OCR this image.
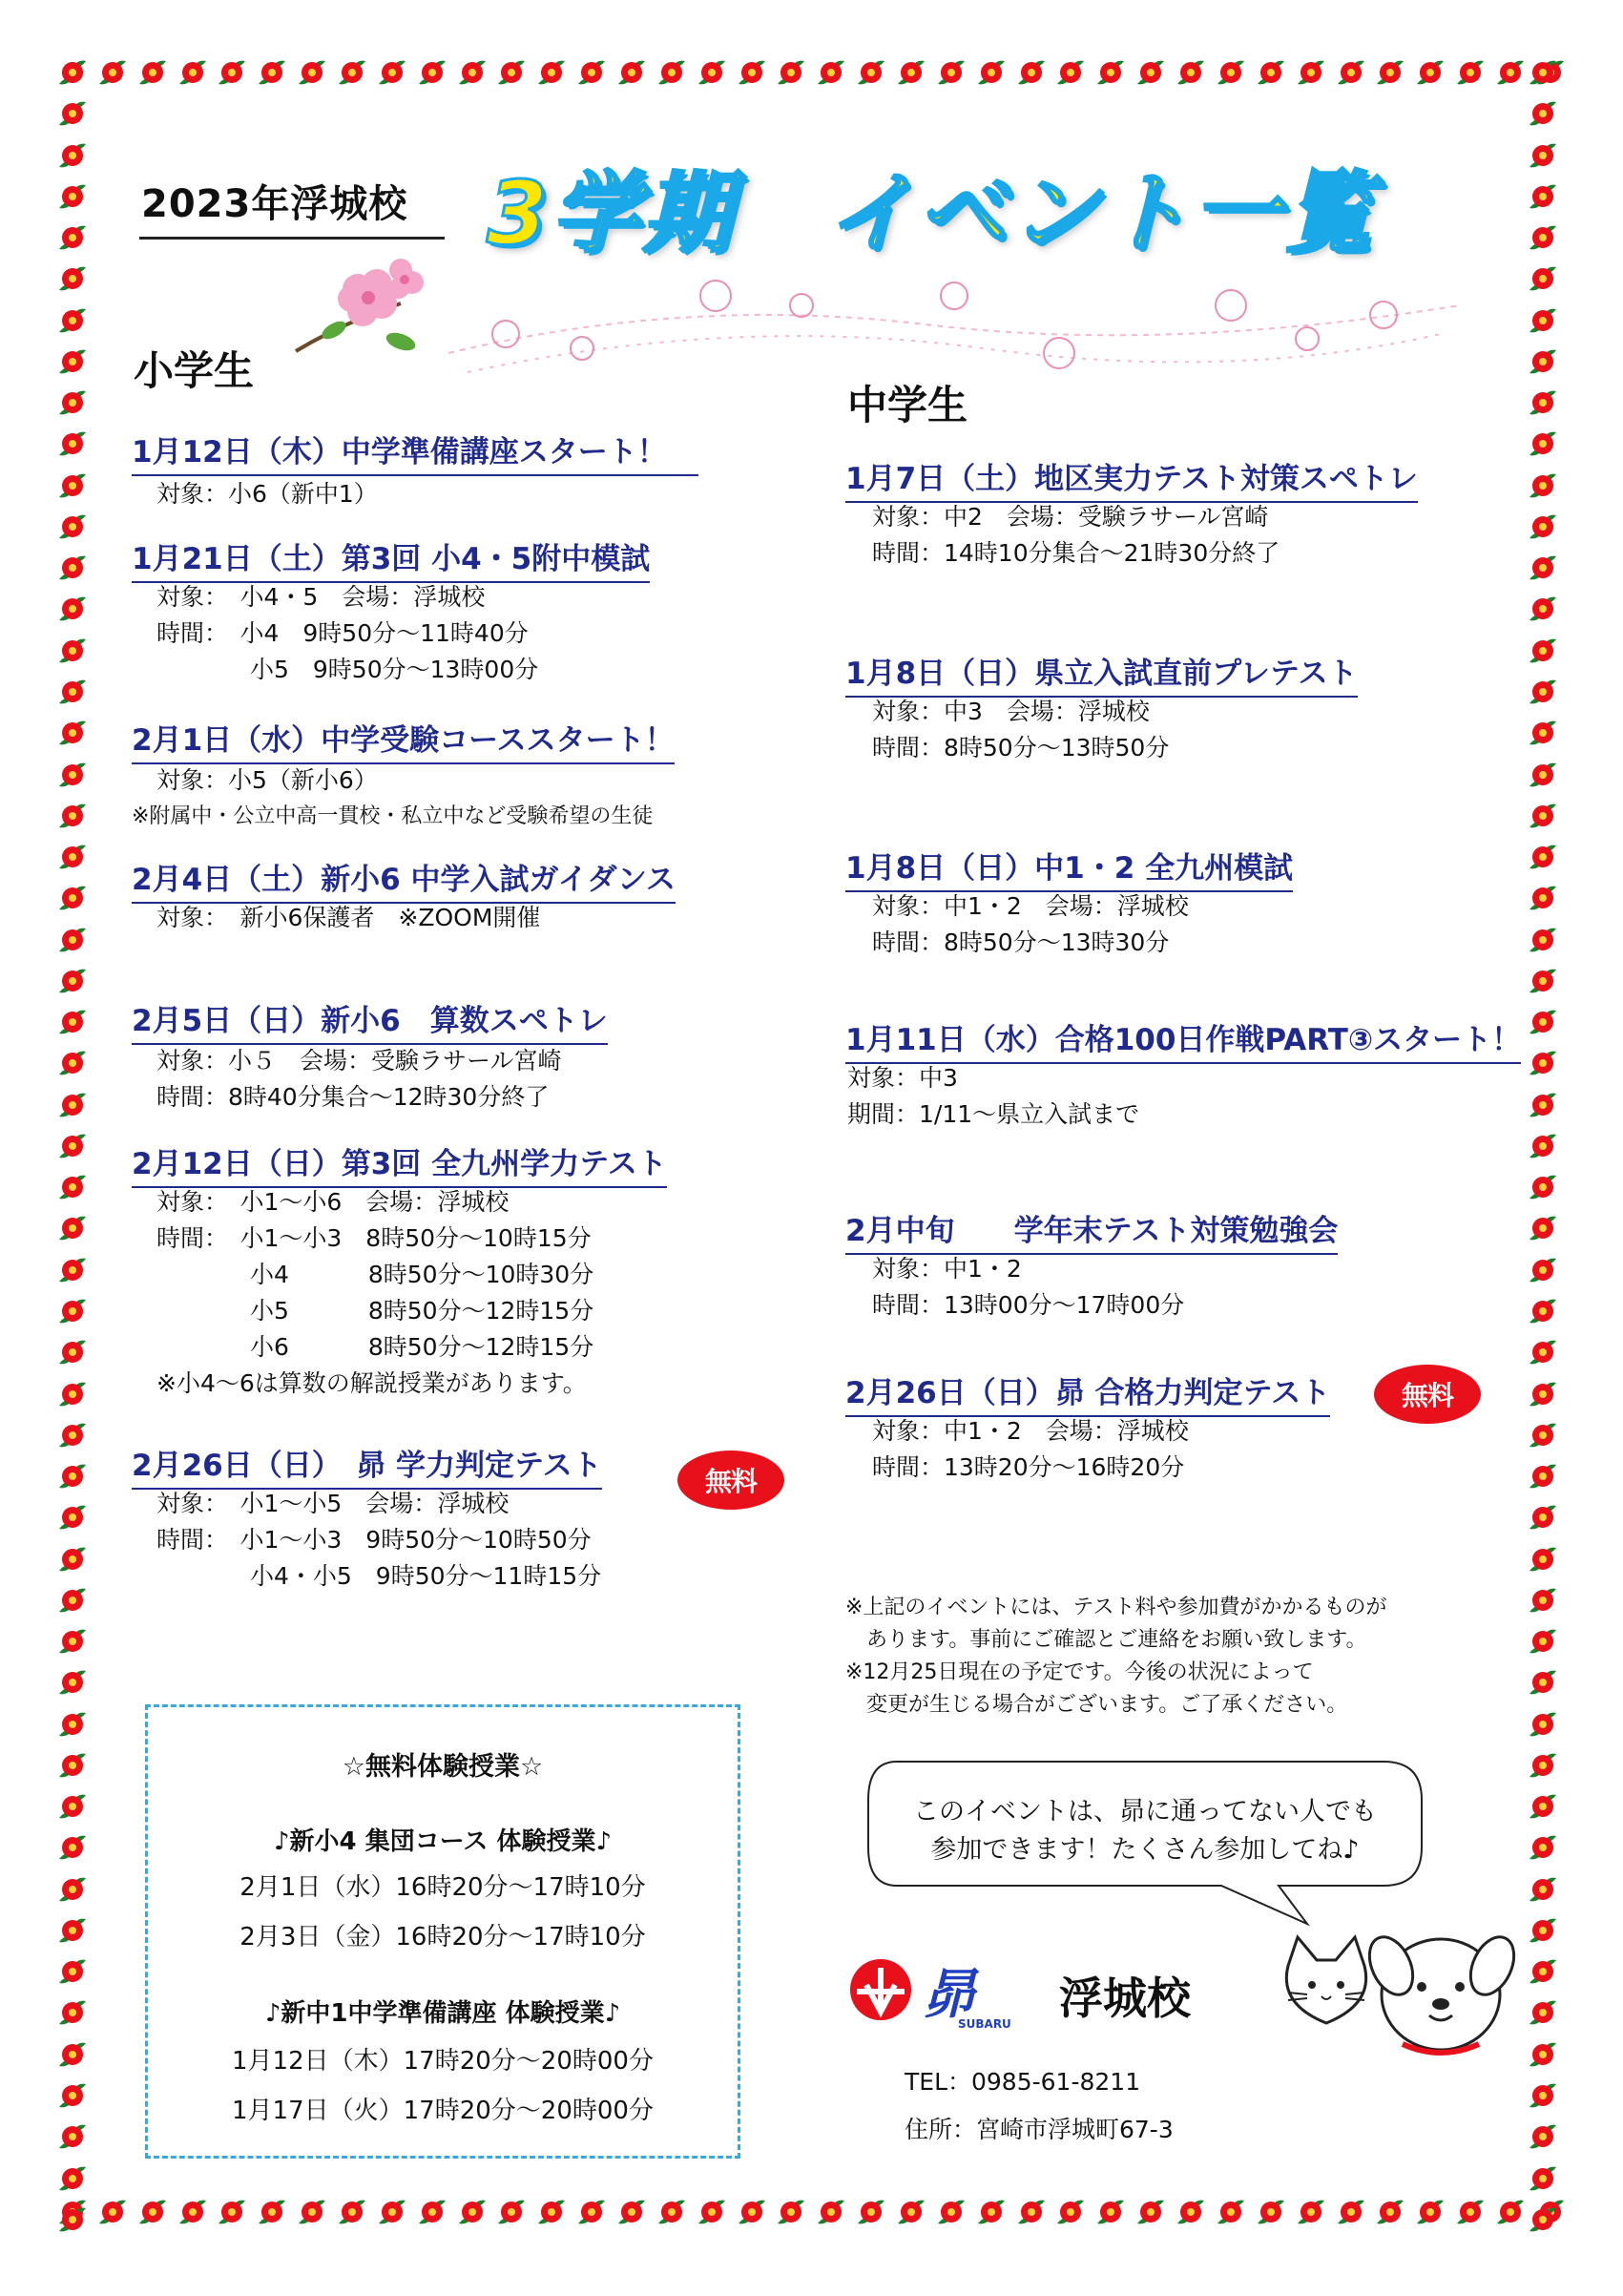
2023年浮城校 3学期　イベント一覧
小学生
中学生
1月12日（木）中学準備講座スタート！
対象：小6（新中1）
1月21日（土）第3回 小4・5附中模試
対象：　小4・5　会場：浮城校
時間：　小4　9時50分～11時40分
小5　9時50分～13時00分
2月1日（水）中学受験コーススタート！
対象：小5（新小6）
※附属中・公立中高一貫校・私立中など受験希望の生徒
2月4日（土）新小6 中学入試ガイダンス
対象：　新小6保護者　※ZOOM開催
2月5日（日）新小6　算数スペトレ
対象：小５　会場：受験ラサール宮崎
時間：8時40分集合～12時30分終了
2月12日（日）第3回 全九州学力テスト
対象：　小1～小6　会場：浮城校
時間：　小1～小3　8時50分～10時15分
小4　　　 8時50分～10時30分
小5　　　 8時50分～12時15分
小6　　　 8時50分～12時15分
※小4～6は算数の解説授業があります。
2月26日（日）　昴 学力判定テスト	無料
対象：　小1～小5　会場：浮城校
時間：　小1～小3　9時50分～10時50分
小4・小5　9時50分～11時15分
1月7日（土）地区実力テスト対策スペトレ
対象：中2　会場：受験ラサール宮崎
時間：14時10分集合～21時30分終了
1月8日（日）県立入試直前プレテスト
対象：中3　会場：浮城校
時間：8時50分～13時50分
1月8日（日）中1・2 全九州模試
対象：中1・2　会場：浮城校
時間：8時50分～13時30分
1月11日（水）合格100日作戦PART③スタート！
対象：中3
期間：1/11～県立入試まで
2月中旬　　学年末テスト対策勉強会
対象：中1・2
時間：13時00分～17時00分
2月26日（日）昴 合格力判定テスト	無料
対象：中1・2　会場：浮城校
時間：13時20分～16時20分
☆無料体験授業☆
♪新小4 集団コース 体験授業♪
2月1日（水）16時20分～17時10分
2月3日（金）16時20分～17時10分
♪新中1中学準備講座 体験授業♪
1月12日（木）17時20分～20時00分
1月17日（火）17時20分～20時00分
※上記のイベントには、テスト料や参加費がかかるものが
　あります。事前にご確認とご連絡をお願い致します。
※12月25日現在の予定です。今後の状況によって
　変更が生じる場合がございます。ご了承ください。
このイベントは、昴に通ってない人でも
参加できます！たくさん参加してね♪
昴
SUBARU 浮城校
TEL：0985-61-8211
住所：宮崎市浮城町67-3
